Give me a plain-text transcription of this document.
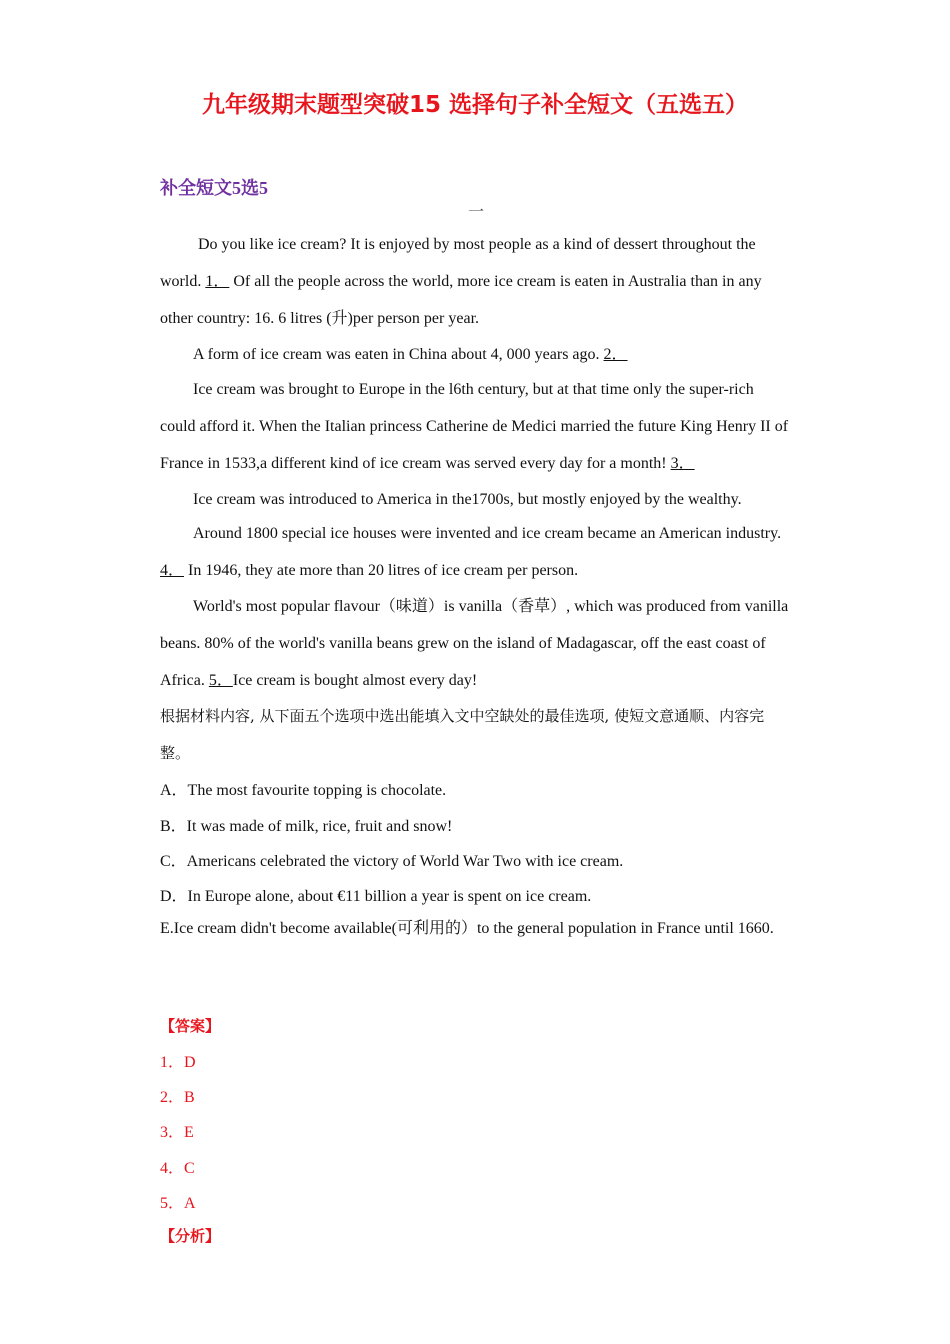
九年级期末题型突破15 选择句子补全短文（五选五）
补全短文5选5
一

Do you like ice cream? It is enjoyed by most people as a kind of dessert throughout the world. 1． Of all the people across the world, more ice cream is eaten in Australia than in any other country: 16. 6 litres (升)per person per year.

A form of ice cream was eaten in China about 4, 000 years ago. 2．

Ice cream was brought to Europe in the l6th century, but at that time only the super-rich could afford it. When the Italian princess Catherine de Medici married the future King Henry II of France in 1533,a different kind of ice cream was served every day for a month! 3．

Ice cream was introduced to America in the1700s, but mostly enjoyed by the wealthy.

Around 1800 special ice houses were invented and ice cream became an American industry. 4． In 1946, they ate more than 20 litres of ice cream per person.

World's most popular flavour（味道）is vanilla（香草）, which was produced from vanilla beans. 80% of the world's vanilla beans grew on the island of Madagascar, off the east coast of Africa. 5．Ice cream is bought almost every day!

根据材料内容, 从下面五个选项中选出能填入文中空缺处的最佳选项, 使短文意通顺、内容完整。

A．The most favourite topping is chocolate.
B．It was made of milk, rice, fruit and snow!
C．Americans celebrated the victory of World War Two with ice cream.
D．In Europe alone, about €11 billion a year is spent on ice cream.

E.Ice cream didn't become available(可利用的）to the general population in France until 1660.

【答案】
1．D
2．B
3．E
4．C
5．A
【分析】
